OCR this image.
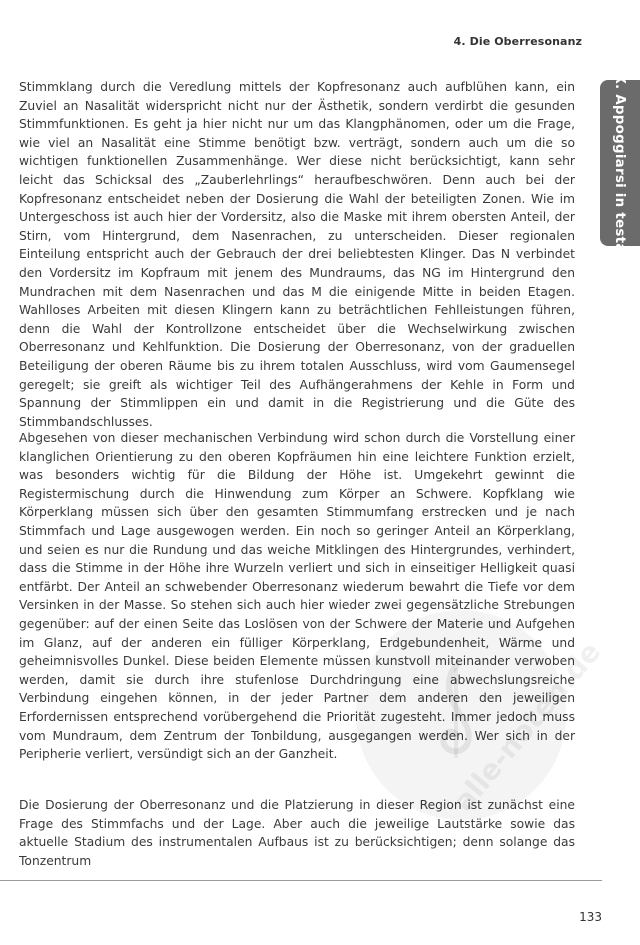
4. Die Oberresonanz
X. Appoggiarsi in testa

Stimmklang durch die Veredlung mittels der Kopfresonanz auch aufblühen kann, ein Zuviel an Nasalität widerspricht nicht nur der Ästhetik, sondern verdirbt die gesunden Stimmfunktionen. Es geht ja hier nicht nur um das Klangphänomen, oder um die Frage, wie viel an Nasalität eine Stimme benötigt bzw. verträgt, sondern auch um die so wichtigen funktionellen Zusammenhänge. Wer diese nicht berücksichtigt, kann sehr leicht das Schicksal des „Zauberlehrlings“ heraufbeschwören. Denn auch bei der Kopfresonanz entscheidet neben der Dosierung die Wahl der beteiligten Zonen. Wie im Untergeschoss ist auch hier der Vordersitz, also die Maske mit ihrem obersten Anteil, der Stirn, vom Hintergrund, dem Nasenrachen, zu unterscheiden. Dieser regionalen Einteilung entspricht auch der Gebrauch der drei beliebtesten Klinger. Das N verbindet den Vordersitz im Kopfraum mit jenem des Mundraums, das NG im Hintergrund den Mundrachen mit dem Nasenrachen und das M die einigende Mitte in beiden Etagen. Wahlloses Arbeiten mit diesen Klingern kann zu beträchtlichen Fehlleistungen führen, denn die Wahl der Kontrollzone entscheidet über die Wechselwirkung zwischen Oberresonanz und Kehlfunktion. Die Dosierung der Oberresonanz, von der graduellen Beteiligung der oberen Räume bis zu ihrem totalen Ausschluss, wird vom Gaumensegel geregelt; sie greift als wichtiger Teil des Aufhängerahmens der Kehle in Form und Spannung der Stimmlippen ein und damit in die Registrierung und die Güte des Stimmbandschlusses.

Abgesehen von dieser mechanischen Verbindung wird schon durch die Vorstellung einer klanglichen Orientierung zu den oberen Kopfräumen hin eine leichtere Funktion erzielt, was besonders wichtig für die Bildung der Höhe ist. Umgekehrt gewinnt die Registermischung durch die Hinwendung zum Körper an Schwere. Kopfklang wie Körperklang müssen sich über den gesamten Stimmumfang erstrecken und je nach Stimmfach und Lage ausgewogen werden. Ein noch so geringer Anteil an Körperklang, und seien es nur die Rundung und das weiche Mitklingen des Hintergrundes, verhindert, dass die Stimme in der Höhe ihre Wurzeln verliert und sich in einseitiger Helligkeit quasi entfärbt. Der Anteil an schwebender Oberresonanz wiederum bewahrt die Tiefe vor dem Versinken in der Masse. So stehen sich auch hier wieder zwei gegensätzliche Strebungen gegenüber: auf der einen Seite das Loslösen von der Schwere der Materie und Aufgehen im Glanz, auf der anderen ein fülliger Körperklang, Erdgebundenheit, Wärme und geheimnisvolles Dunkel. Diese beiden Elemente müssen kunstvoll miteinander verwoben werden, damit sie durch ihre stufenlose Durchdringung eine abwechslungsreiche Verbindung eingehen können, in der jeder Partner dem anderen den jeweiligen Erfordernissen entsprechend vorübergehend die Priorität zugesteht. Immer jedoch muss vom Mundraum, dem Zentrum der Tonbildung, ausgegangen werden. Wer sich in der Peripherie verliert, versündigt sich an der Ganzheit.

Die Dosierung der Oberresonanz und die Platzierung in dieser Region ist zunächst eine Frage des Stimmfachs und der Lage. Aber auch die jeweilige Lautstärke sowie das aktuelle Stadium des instrumentalen Aufbaus ist zu berücksichtigen; denn solange das Tonzentrum

alle-noten.de
133
